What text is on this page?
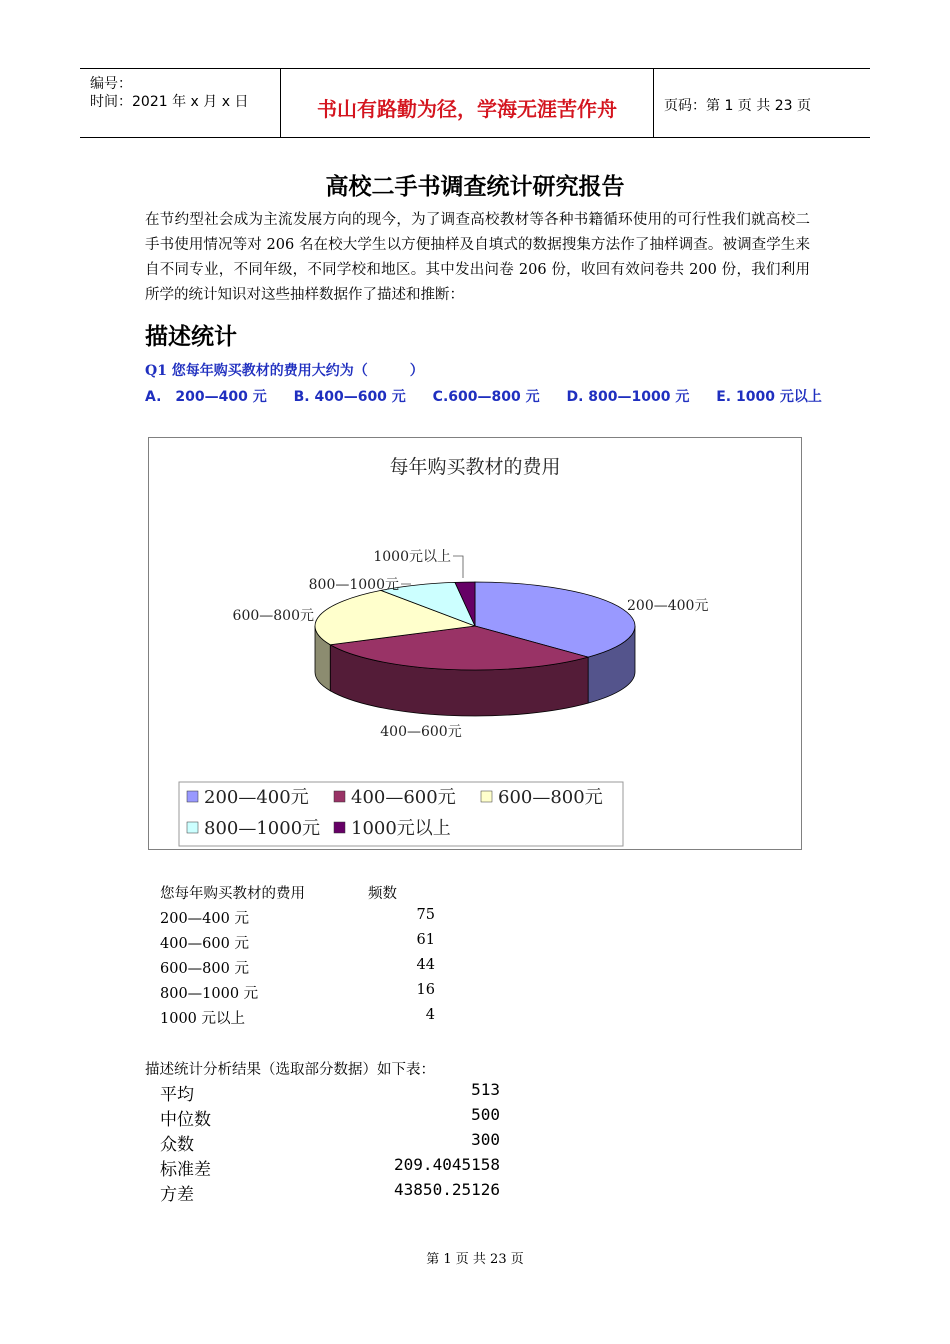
编号：
时间：2021 年 x 月 x 日	书山有路勤为径，学海无涯苦作舟	页码：第 1 页 共 23 页
高校二手书调查统计研究报告
在节约型社会成为主流发展方向的现今，为了调查高校教材等各种书籍循环使用的可行性我们就高校二手书使用情况等对 206 名在校大学生以方便抽样及自填式的数据搜集方法作了抽样调查。被调查学生来自不同专业，不同年级，不同学校和地区。其中发出问卷 206 份，收回有效问卷共 200 份，我们利用所学的统计知识对这些抽样数据作了描述和推断：
描述统计
Q1 您每年购买教材的费用大约为（　　　）
A.　200—400 元 B. 400—600 元 C.600—800 元 D. 800—1000 元 E. 1000 元以上
每年购买教材的费用
200—400元
400—600元
600—800元
800—1000元
1000元以上
200—400元 400—600元 600—800元
800—1000元 1000元以上
您每年购买教材的费用	频数
200—400 元	75
400—600 元	61
600—800 元	44
800—1000 元	16
1000 元以上	4
描述统计分析结果（选取部分数据）如下表：
平均	513
中位数	500
众数	300
标准差	209.4045158
方差	43850.25126
第 1 页 共 23 页
